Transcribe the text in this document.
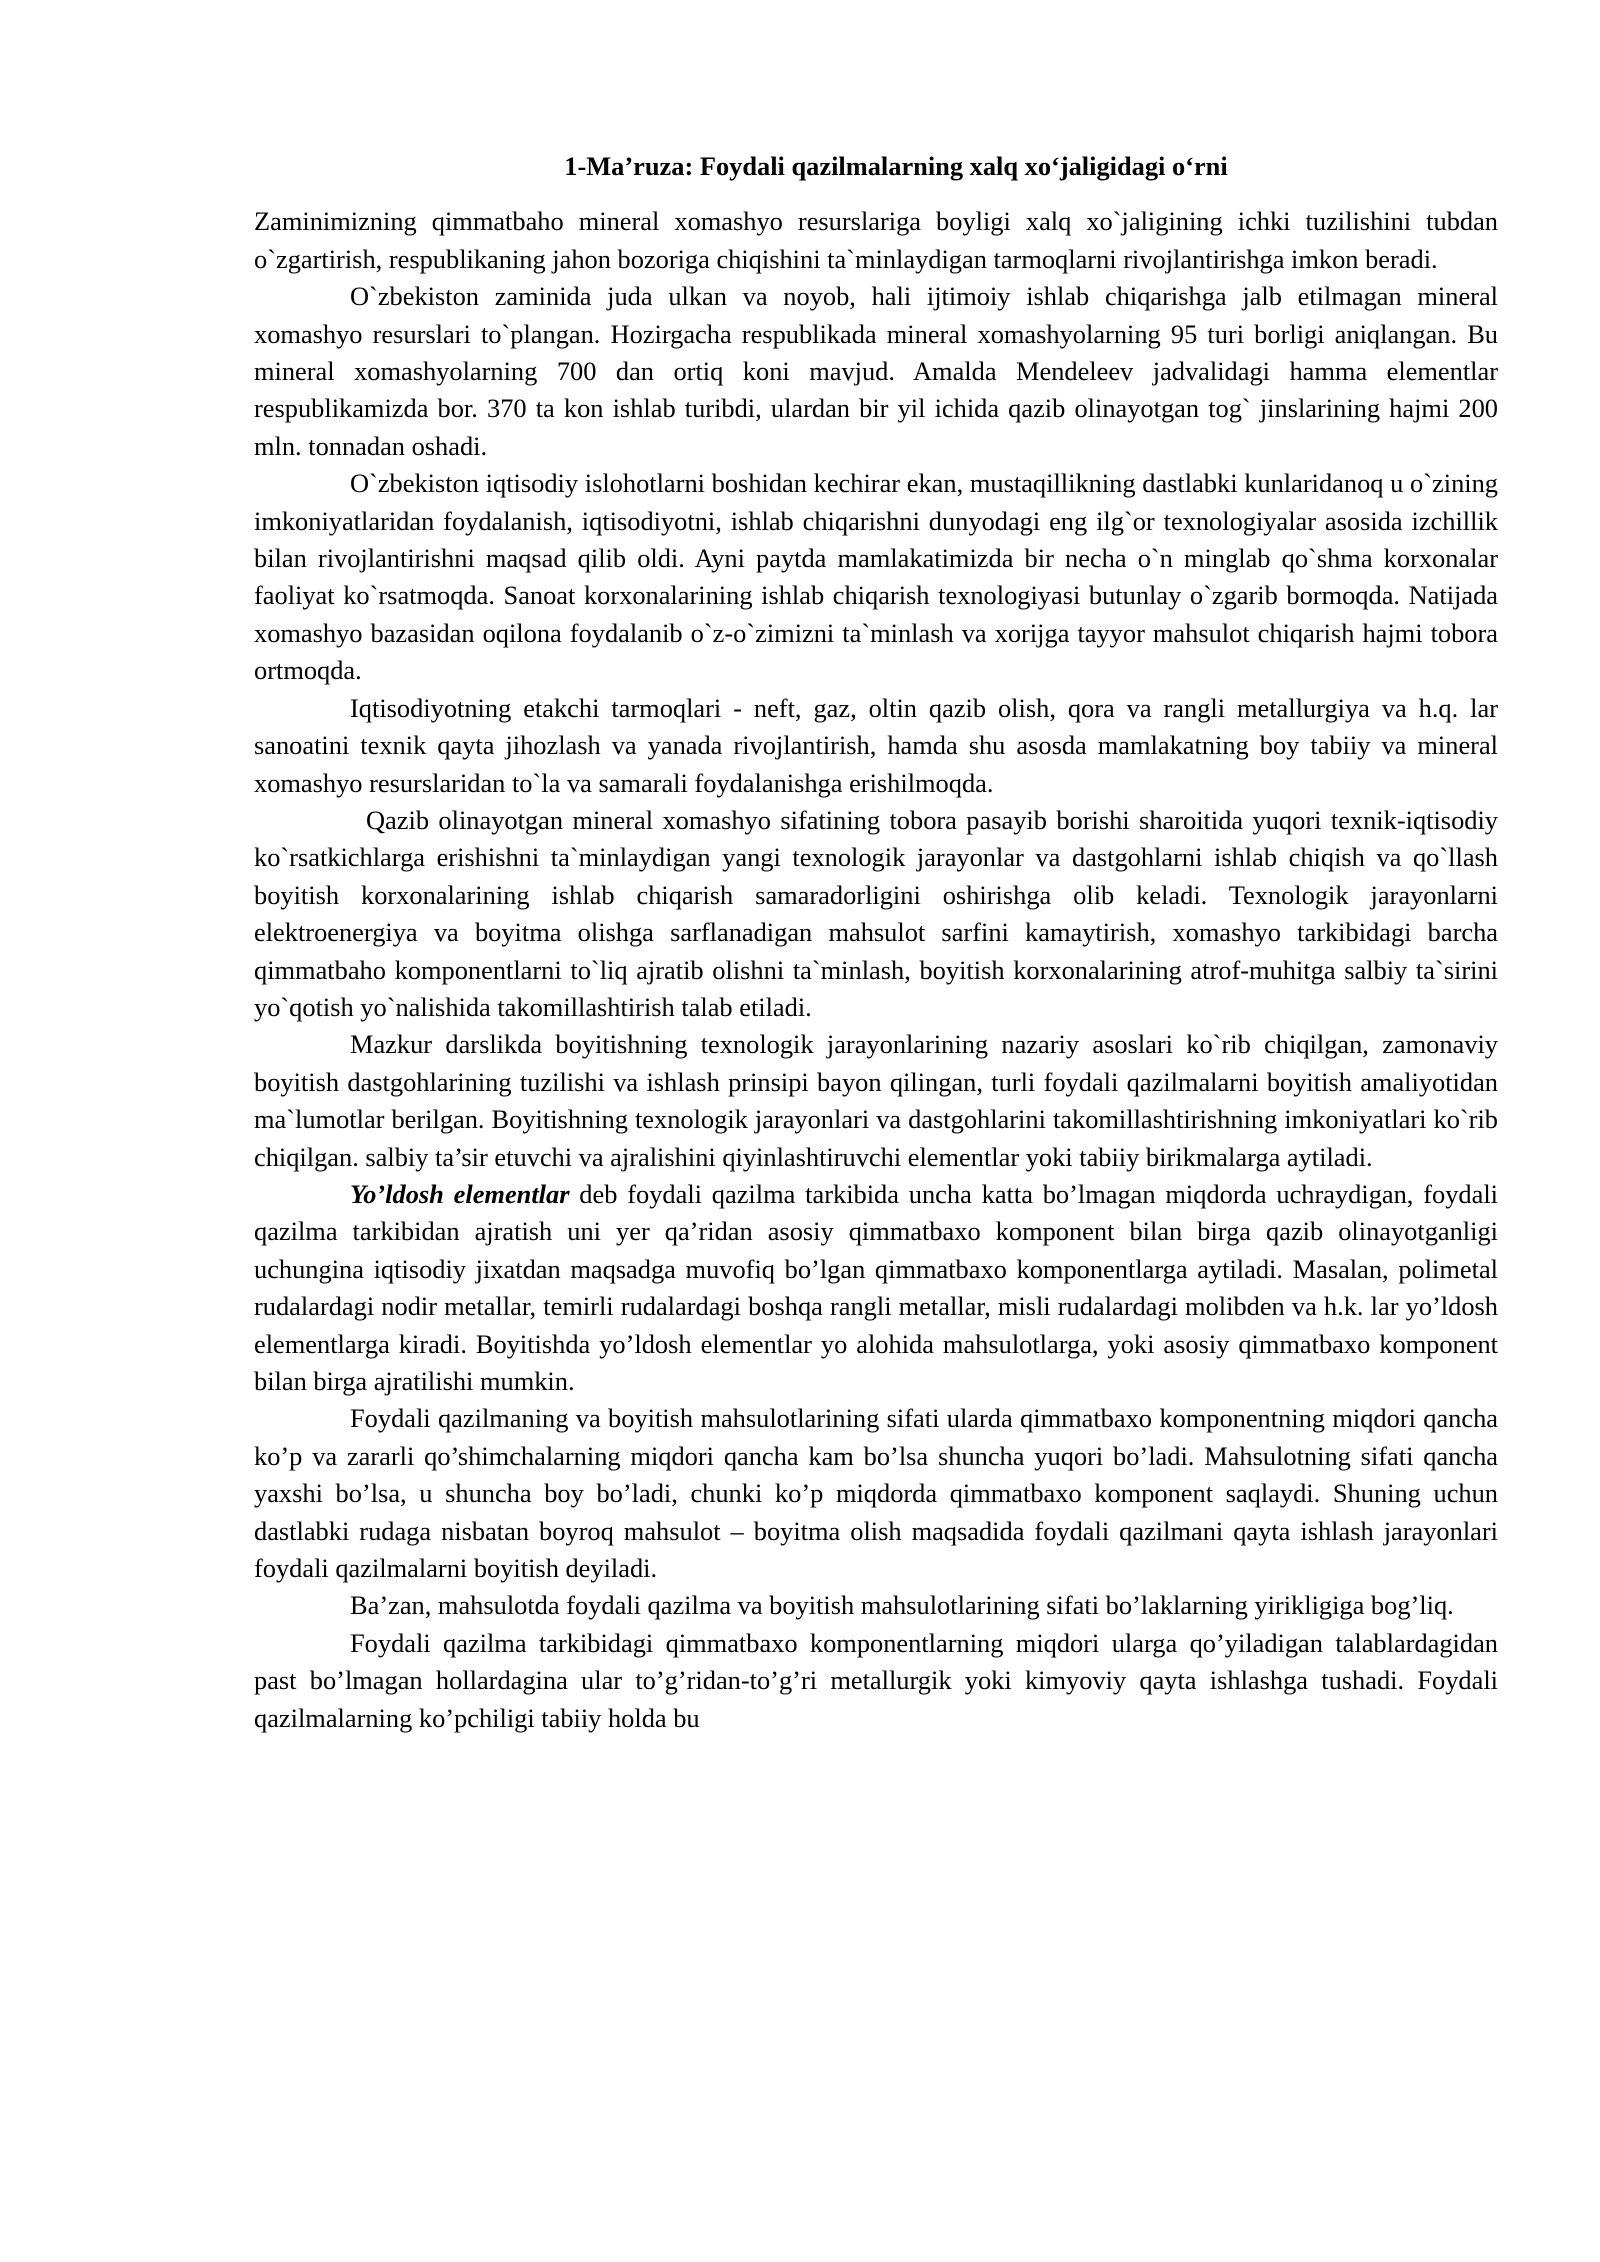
1-Ma’ruza: Foydali qazilmalarning xalq xo‘jaligidagi o‘rni

Zaminimizning qimmatbaho mineral xomashyo resurslariga boyligi xalq xo`jaligining ichki tuzilishini tubdan o`zgartirish, respublikaning jahon bozoriga chiqishini ta`minlaydigan tarmoqlarni rivojlantirishga imkon beradi.

O`zbekiston zaminida juda ulkan va noyob, hali ijtimoiy ishlab chiqarishga jalb etilmagan mineral xomashyo resurslari to`plangan. Hozirgacha respublikada mineral xomashyolarning 95 turi borligi aniqlangan. Bu mineral xomashyolarning 700 dan ortiq koni mavjud. Amalda Mendeleev jadvalidagi hamma elementlar respublikamizda bor. 370 ta kon ishlab turibdi, ulardan bir yil ichida qazib olinayotgan tog` jinslarining hajmi 200 mln. tonnadan oshadi.

O`zbekiston iqtisodiy islohotlarni boshidan kechirar ekan, mustaqillikning dastlabki kunlaridanoq u o`zining imkoniyatlaridan foydalanish, iqtisodiyotni, ishlab chiqarishni dunyodagi eng ilg`or texnologiyalar asosida izchillik bilan rivojlantirishni maqsad qilib oldi. Ayni paytda mamlakatimizda bir necha o`n minglab qo`shma korxonalar faoliyat ko`rsatmoqda. Sanoat korxonalarining ishlab chiqarish texnologiyasi butunlay o`zgarib bormoqda. Natijada xomashyo bazasidan oqilona foydalanib o`z-o`zimizni ta`minlash va xorijga tayyor mahsulot chiqarish hajmi tobora ortmoqda.

Iqtisodiyotning etakchi tarmoqlari - neft, gaz, oltin qazib olish, qora va rangli metallurgiya va h.q. lar sanoatini texnik qayta jihozlash va yanada rivojlantirish, hamda shu asosda mamlakatning boy tabiiy va mineral xomashyo resurslaridan to`la va samarali foydalanishga erishilmoqda.

Qazib olinayotgan mineral xomashyo sifatining tobora pasayib borishi sharoitida yuqori texnik-iqtisodiy ko`rsatkichlarga erishishni ta`minlaydigan yangi texnologik jarayonlar va dastgohlarni ishlab chiqish va qo`llash boyitish korxonalarining ishlab chiqarish samaradorligini oshirishga olib keladi. Texnologik jarayonlarni elektroenergiya va boyitma olishga sarflanadigan mahsulot sarfini kamaytirish, xomashyo tarkibidagi barcha qimmatbaho komponentlarni to`liq ajratib olishni ta`minlash, boyitish korxonalarining atrof-muhitga salbiy ta`sirini yo`qotish yo`nalishida takomillashtirish talab etiladi.

Mazkur darslikda boyitishning texnologik jarayonlarining nazariy asoslari ko`rib chiqilgan, zamonaviy boyitish dastgohlarining tuzilishi va ishlash prinsipi bayon qilingan, turli foydali qazilmalarni boyitish amaliyotidan ma`lumotlar berilgan. Boyitishning texnologik jarayonlari va dastgohlarini takomillashtirishning imkoniyatlari ko`rib chiqilgan. salbiy ta’sir etuvchi va ajralishini qiyinlashtiruvchi elementlar yoki tabiiy birikmalarga aytiladi.

Yo’ldosh elementlar deb foydali qazilma tarkibida uncha katta bo’lmagan miqdorda uchraydigan, foydali qazilma tarkibidan ajratish uni yer qa’ridan asosiy qimmatbaxo komponent bilan birga qazib olinayotganligi uchungina iqtisodiy jixatdan maqsadga muvofiq bo’lgan qimmatbaxo komponentlarga aytiladi. Masalan, polimetal rudalardagi nodir metallar, temirli rudalardagi boshqa rangli metallar, misli rudalardagi molibden va h.k. lar yo’ldosh elementlarga kiradi. Boyitishda yo’ldosh elementlar yo alohida mahsulotlarga, yoki asosiy qimmatbaxo komponent bilan birga ajratilishi mumkin.

Foydali qazilmaning va boyitish mahsulotlarining sifati ularda qimmatbaxo komponentning miqdori qancha ko’p va zararli qo’shimchalarning miqdori qancha kam bo’lsa shuncha yuqori bo’ladi. Mahsulotning sifati qancha yaxshi bo’lsa, u shuncha boy bo’ladi, chunki ko’p miqdorda qimmatbaxo komponent saqlaydi. Shuning uchun dastlabki rudaga nisbatan boyroq mahsulot – boyitma olish maqsadida foydali qazilmani qayta ishlash jarayonlari foydali qazilmalarni boyitish deyiladi.

Ba’zan, mahsulotda foydali qazilma va boyitish mahsulotlarining sifati bo’laklarning yirikligiga bog’liq.

Foydali qazilma tarkibidagi qimmatbaxo komponentlarning miqdori ularga qo’yiladigan talablardagidan past bo’lmagan hollardagina ular to’g’ridan-to’g’ri metallurgik yoki kimyoviy qayta ishlashga tushadi. Foydali qazilmalarning ko’pchiligi tabiiy holda bu
